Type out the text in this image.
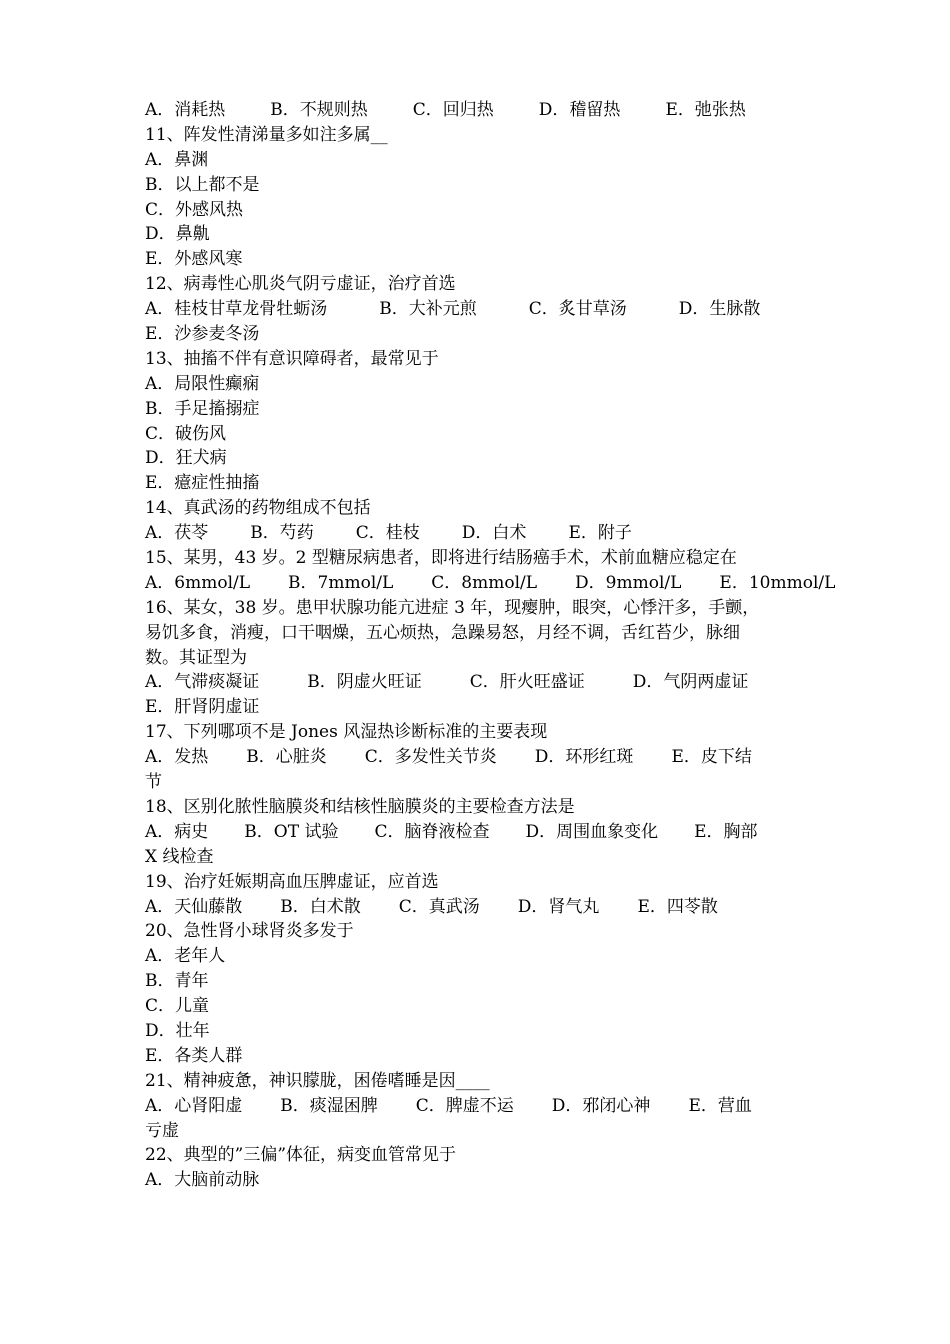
A．消耗热	B．不规则热	C．回归热	D．稽留热	E．弛张热
11、阵发性清涕量多如注多属__
A．鼻渊
B．以上都不是
C．外感风热
D．鼻鼽
E．外感风寒
12、病毒性心肌炎气阴亏虚证，治疗首选
A．桂枝甘草龙骨牡蛎汤	B．大补元煎	C．炙甘草汤	D．生脉散
E．沙参麦冬汤
13、抽搐不伴有意识障碍者，最常见于
A．局限性癫痫
B．手足搐搦症
C．破伤风
D．狂犬病
E．癔症性抽搐
14、真武汤的药物组成不包括
A．茯苓 B．芍药 C．桂枝 D．白术 E．附子
15、某男，43 岁。2 型糖尿病患者，即将进行结肠癌手术，术前血糖应稳定在
A．6mmol/L B．7mmol/L C．8mmol/L D．9mmol/L E．10mmol/L
16、某女，38 岁。患甲状腺功能亢进症 3 年，现瘿肿，眼突，心悸汗多，手颤，
易饥多食，消瘦，口干咽燥，五心烦热，急躁易怒，月经不调，舌红苔少，脉细
数。其证型为
A．气滞痰凝证	B．阴虚火旺证	C．肝火旺盛证	D．气阴两虚证
E．肝肾阴虚证
17、下列哪项不是 Jones 风湿热诊断标准的主要表现
A．发热 B．心脏炎 C．多发性关节炎 D．环形红斑 E．皮下结
节
18、区别化脓性脑膜炎和结核性脑膜炎的主要检查方法是
A．病史 B．OT 试验 C．脑脊液检查 D．周围血象变化 E．胸部
X 线检查
19、治疗妊娠期高血压脾虚证，应首选
A．天仙藤散 B．白术散 C．真武汤 D．肾气丸 E．四苓散
20、急性肾小球肾炎多发于
A．老年人
B．青年
C．儿童
D．壮年
E．各类人群
21、精神疲惫，神识朦胧，困倦嗜睡是因____
A．心肾阳虚 B．痰湿困脾 C．脾虚不运 D．邪闭心神 E．营血
亏虚
22、典型的”三偏”体征，病变血管常见于
A．大脑前动脉
